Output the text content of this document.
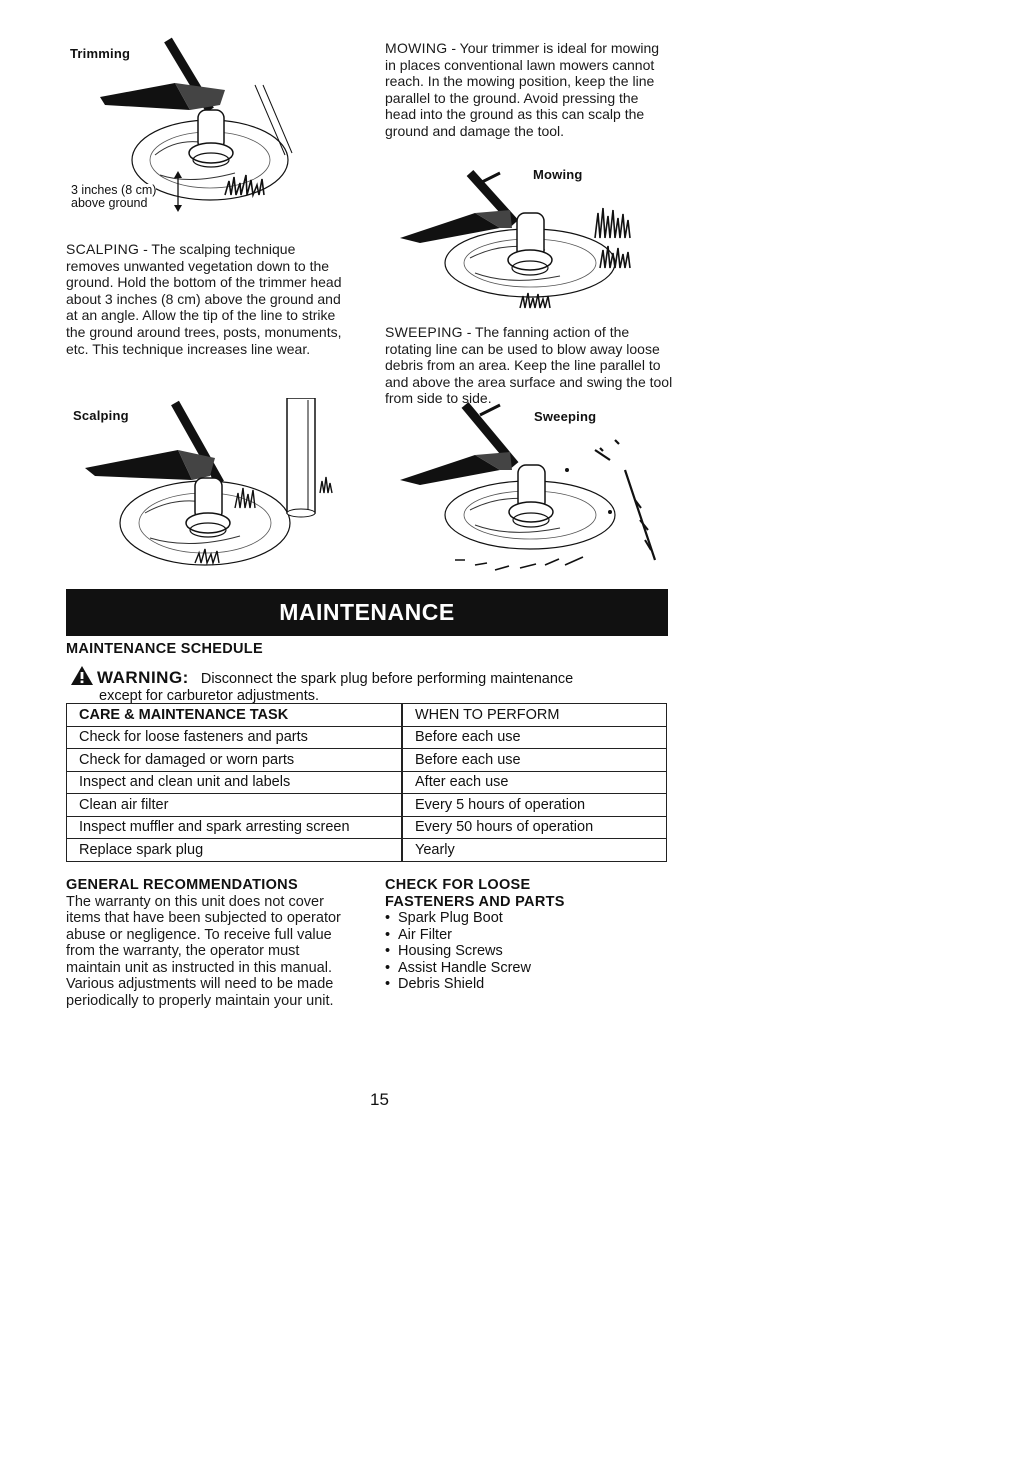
Trimming
3 inches (8 cm)
above ground
SCALPING - The scalping technique removes unwanted vegetation down to the ground. Hold the bottom of the trimmer head about 3 inches (8 cm) above the ground and at an angle. Allow the tip of the line to strike the ground around trees, posts, monuments, etc. This technique increases line wear.
Scalping
MOWING - Your trimmer is ideal for mowing in places conventional lawn mowers cannot reach. In the mowing position, keep the line parallel to the ground. Avoid pressing the head into the ground as this can scalp the ground and damage the tool.
Mowing
SWEEPING - The fanning action of the rotating line can be used to blow away loose debris from an area. Keep the line parallel to and above the area surface and swing the tool from side to side.
Sweeping
MAINTENANCE
MAINTENANCE SCHEDULE
WARNING: Disconnect the spark plug before performing maintenance
except for carburetor adjustments.
CARE & MAINTENANCE TASK	WHEN TO PERFORM
Check for loose fasteners and parts	Before each use
Check for damaged or worn parts	Before each use
Inspect and clean unit and labels	After each use
Clean air filter	Every 5 hours of operation
Inspect muffler and spark arresting screen	Every 50 hours of operation
Replace spark plug	Yearly
GENERAL RECOMMENDATIONS
The warranty on this unit does not cover items that have been subjected to operator abuse or negligence. To receive full value from the warranty, the operator must maintain unit as instructed in this manual. Various adjustments will need to be made periodically to properly maintain your unit.
CHECK FOR LOOSE
FASTENERS AND PARTS
• Spark Plug Boot
• Air Filter
• Housing Screws
• Assist Handle Screw
• Debris Shield
15
